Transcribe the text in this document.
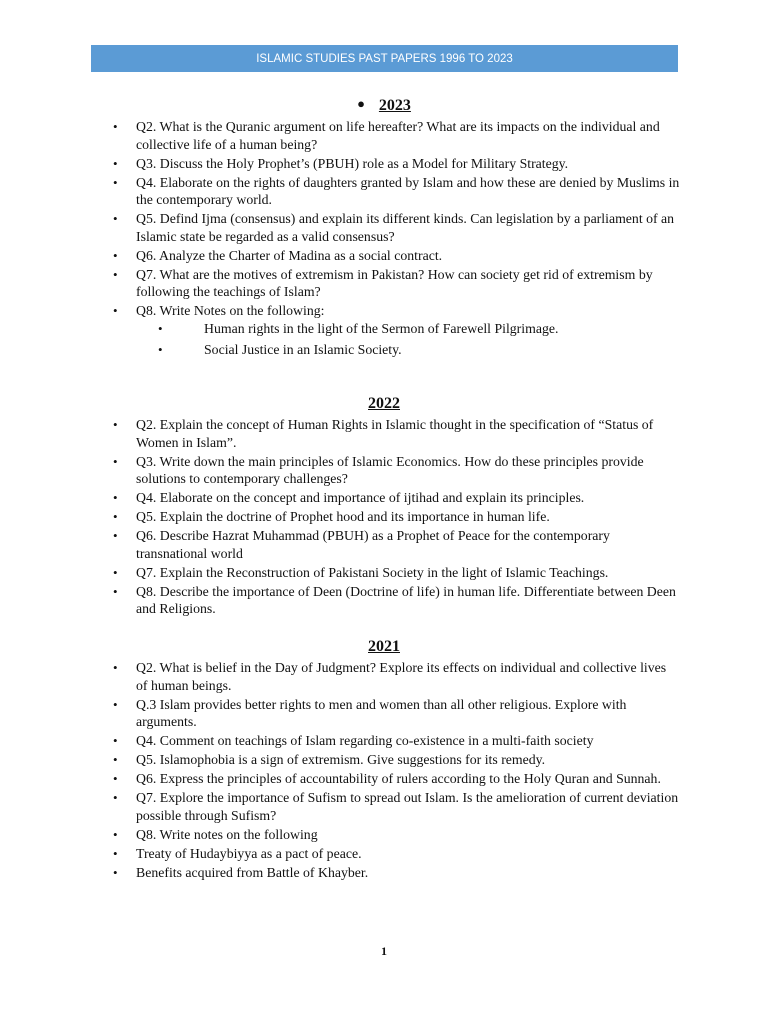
ISLAMIC STUDIES PAST PAPERS 1996 TO 2023
● 2023
• Q2. What is the Quranic argument on life hereafter? What are its impacts on the individual and collective life of a human being?
• Q3. Discuss the Holy Prophet’s (PBUH) role as a Model for Military Strategy.
• Q4. Elaborate on the rights of daughters granted by Islam and how these are denied by Muslims in the contemporary world.
• Q5. Defind Ijma (consensus) and explain its different kinds. Can legislation by a parliament of an Islamic state be regarded as a valid consensus?
• Q6. Analyze the Charter of Madina as a social contract.
• Q7. What are the motives of extremism in Pakistan? How can society get rid of extremism by following the teachings of Islam?
• Q8. Write Notes on the following:
• Human rights in the light of the Sermon of Farewell Pilgrimage.
• Social Justice in an Islamic Society.
2022
• Q2. Explain the concept of Human Rights in Islamic thought in the specification of “Status of Women in Islam”.
• Q3. Write down the main principles of Islamic Economics. How do these principles provide solutions to contemporary challenges?
• Q4. Elaborate on the concept and importance of ijtihad and explain its principles.
• Q5. Explain the doctrine of Prophet hood and its importance in human life.
• Q6. Describe Hazrat Muhammad (PBUH) as a Prophet of Peace for the contemporary transnational world
• Q7. Explain the Reconstruction of Pakistani Society in the light of Islamic Teachings.
• Q8. Describe the importance of Deen (Doctrine of life) in human life. Differentiate between Deen and Religions.
2021
• Q2. What is belief in the Day of Judgment? Explore its effects on individual and collective lives of human beings.
• Q.3 Islam provides better rights to men and women than all other religious. Explore with arguments.
• Q4. Comment on teachings of Islam regarding co-existence in a multi-faith society
• Q5. Islamophobia is a sign of extremism. Give suggestions for its remedy.
• Q6. Express the principles of accountability of rulers according to the Holy Quran and Sunnah.
• Q7. Explore the importance of Sufism to spread out Islam. Is the amelioration of current deviation possible through Sufism?
• Q8. Write notes on the following
• Treaty of Hudaybiyya as a pact of peace.
• Benefits acquired from Battle of Khayber.
1
